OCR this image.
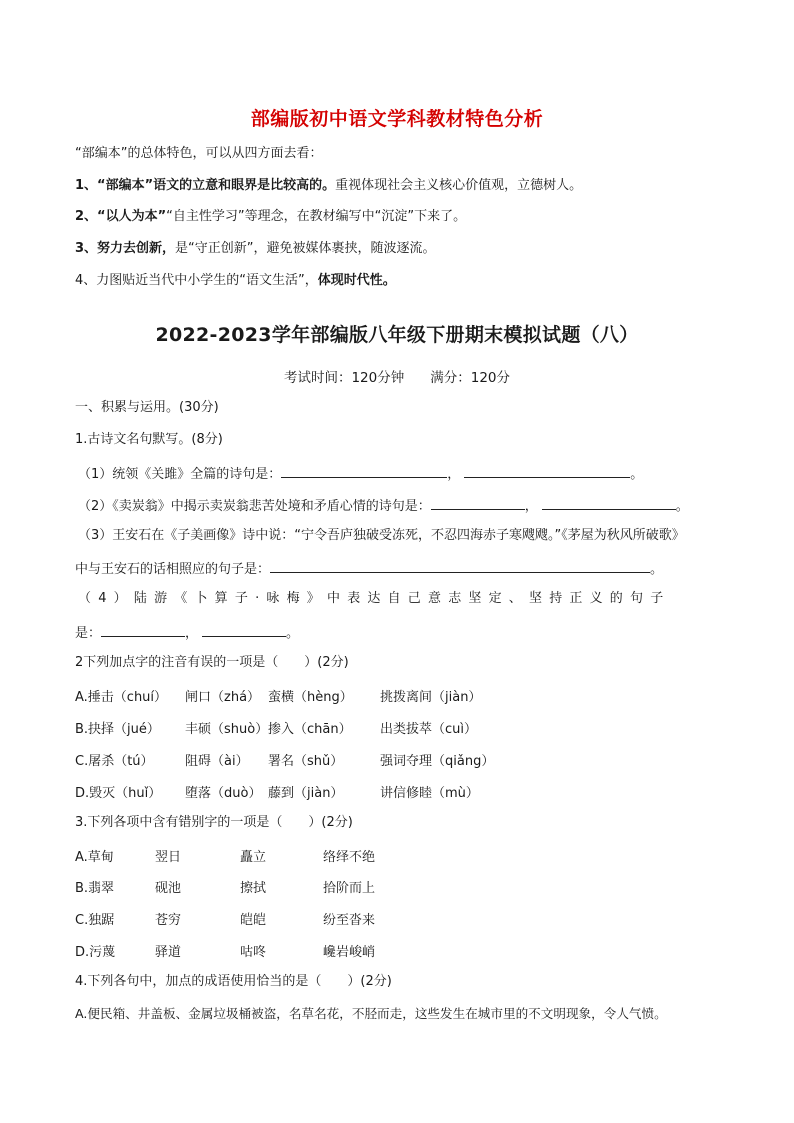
部编版初中语文学科教材特色分析
“部编本”的总体特色，可以从四方面去看：
1、“部编本”语文的立意和眼界是比较高的。重视体现社会主义核心价值观，立德树人。
2、“以人为本”“自主性学习”等理念，在教材编写中“沉淀”下来了。
3、努力去创新，是“守正创新”，避免被媒体裹挟，随波逐流。
4、力图贴近当代中小学生的“语文生活”，体现时代性。
2022-2023学年部编版八年级下册期末模拟试题（八）
考试时间：120分钟 满分：120分
一、积累与运用。(30分)
1.古诗文名句默写。(8分)
（1）统领《关雎》全篇的诗句是：	，	。
（2）《卖炭翁》中揭示卖炭翁悲苦处境和矛盾心情的诗句是：	，	。
（3）王安石在《子美画像》诗中说：“宁令吾庐独破受冻死，不忍四海赤子寒飕飕。”《茅屋为秋风所破歌》
中与王安石的话相照应的句子是：	。
（4）陆游《卜算子·咏梅》中表达自己意志坚定、坚持正义的句子
是：	，	。
2下列加点字的注音有误的一项是（　　）(2分)
A.捶击（chuí） 闸口（zhá） 蛮横（hèng） 挑拨离间（jiàn）
B.抉择（jué） 丰硕（shuò） 掺入（chān） 出类拔萃（cuì）
C.屠杀（tú） 阻碍（ài） 署名（shǔ）	强词夺理（qiǎng）
D.毁灭（huǐ） 堕落（duò） 藤到（jiàn）	讲信修睦（mù）
3.下列各项中含有错别字的一项是（　　）(2分)
A.草甸	翌日	矗立	络绎不绝
B.翡翠	砚池	擦拭	拾阶而上
C.独踞	苍穷	皑皑	纷至沓来
D.污蔑	驿道	咕咚	巉岩峻峭
4.下列各句中，加点的成语使用恰当的是（　　）(2分)
A.便民箱、井盖板、金属垃圾桶被盗，名草名花，不胫而走，这些发生在城市里的不文明现象，令人气愤。
